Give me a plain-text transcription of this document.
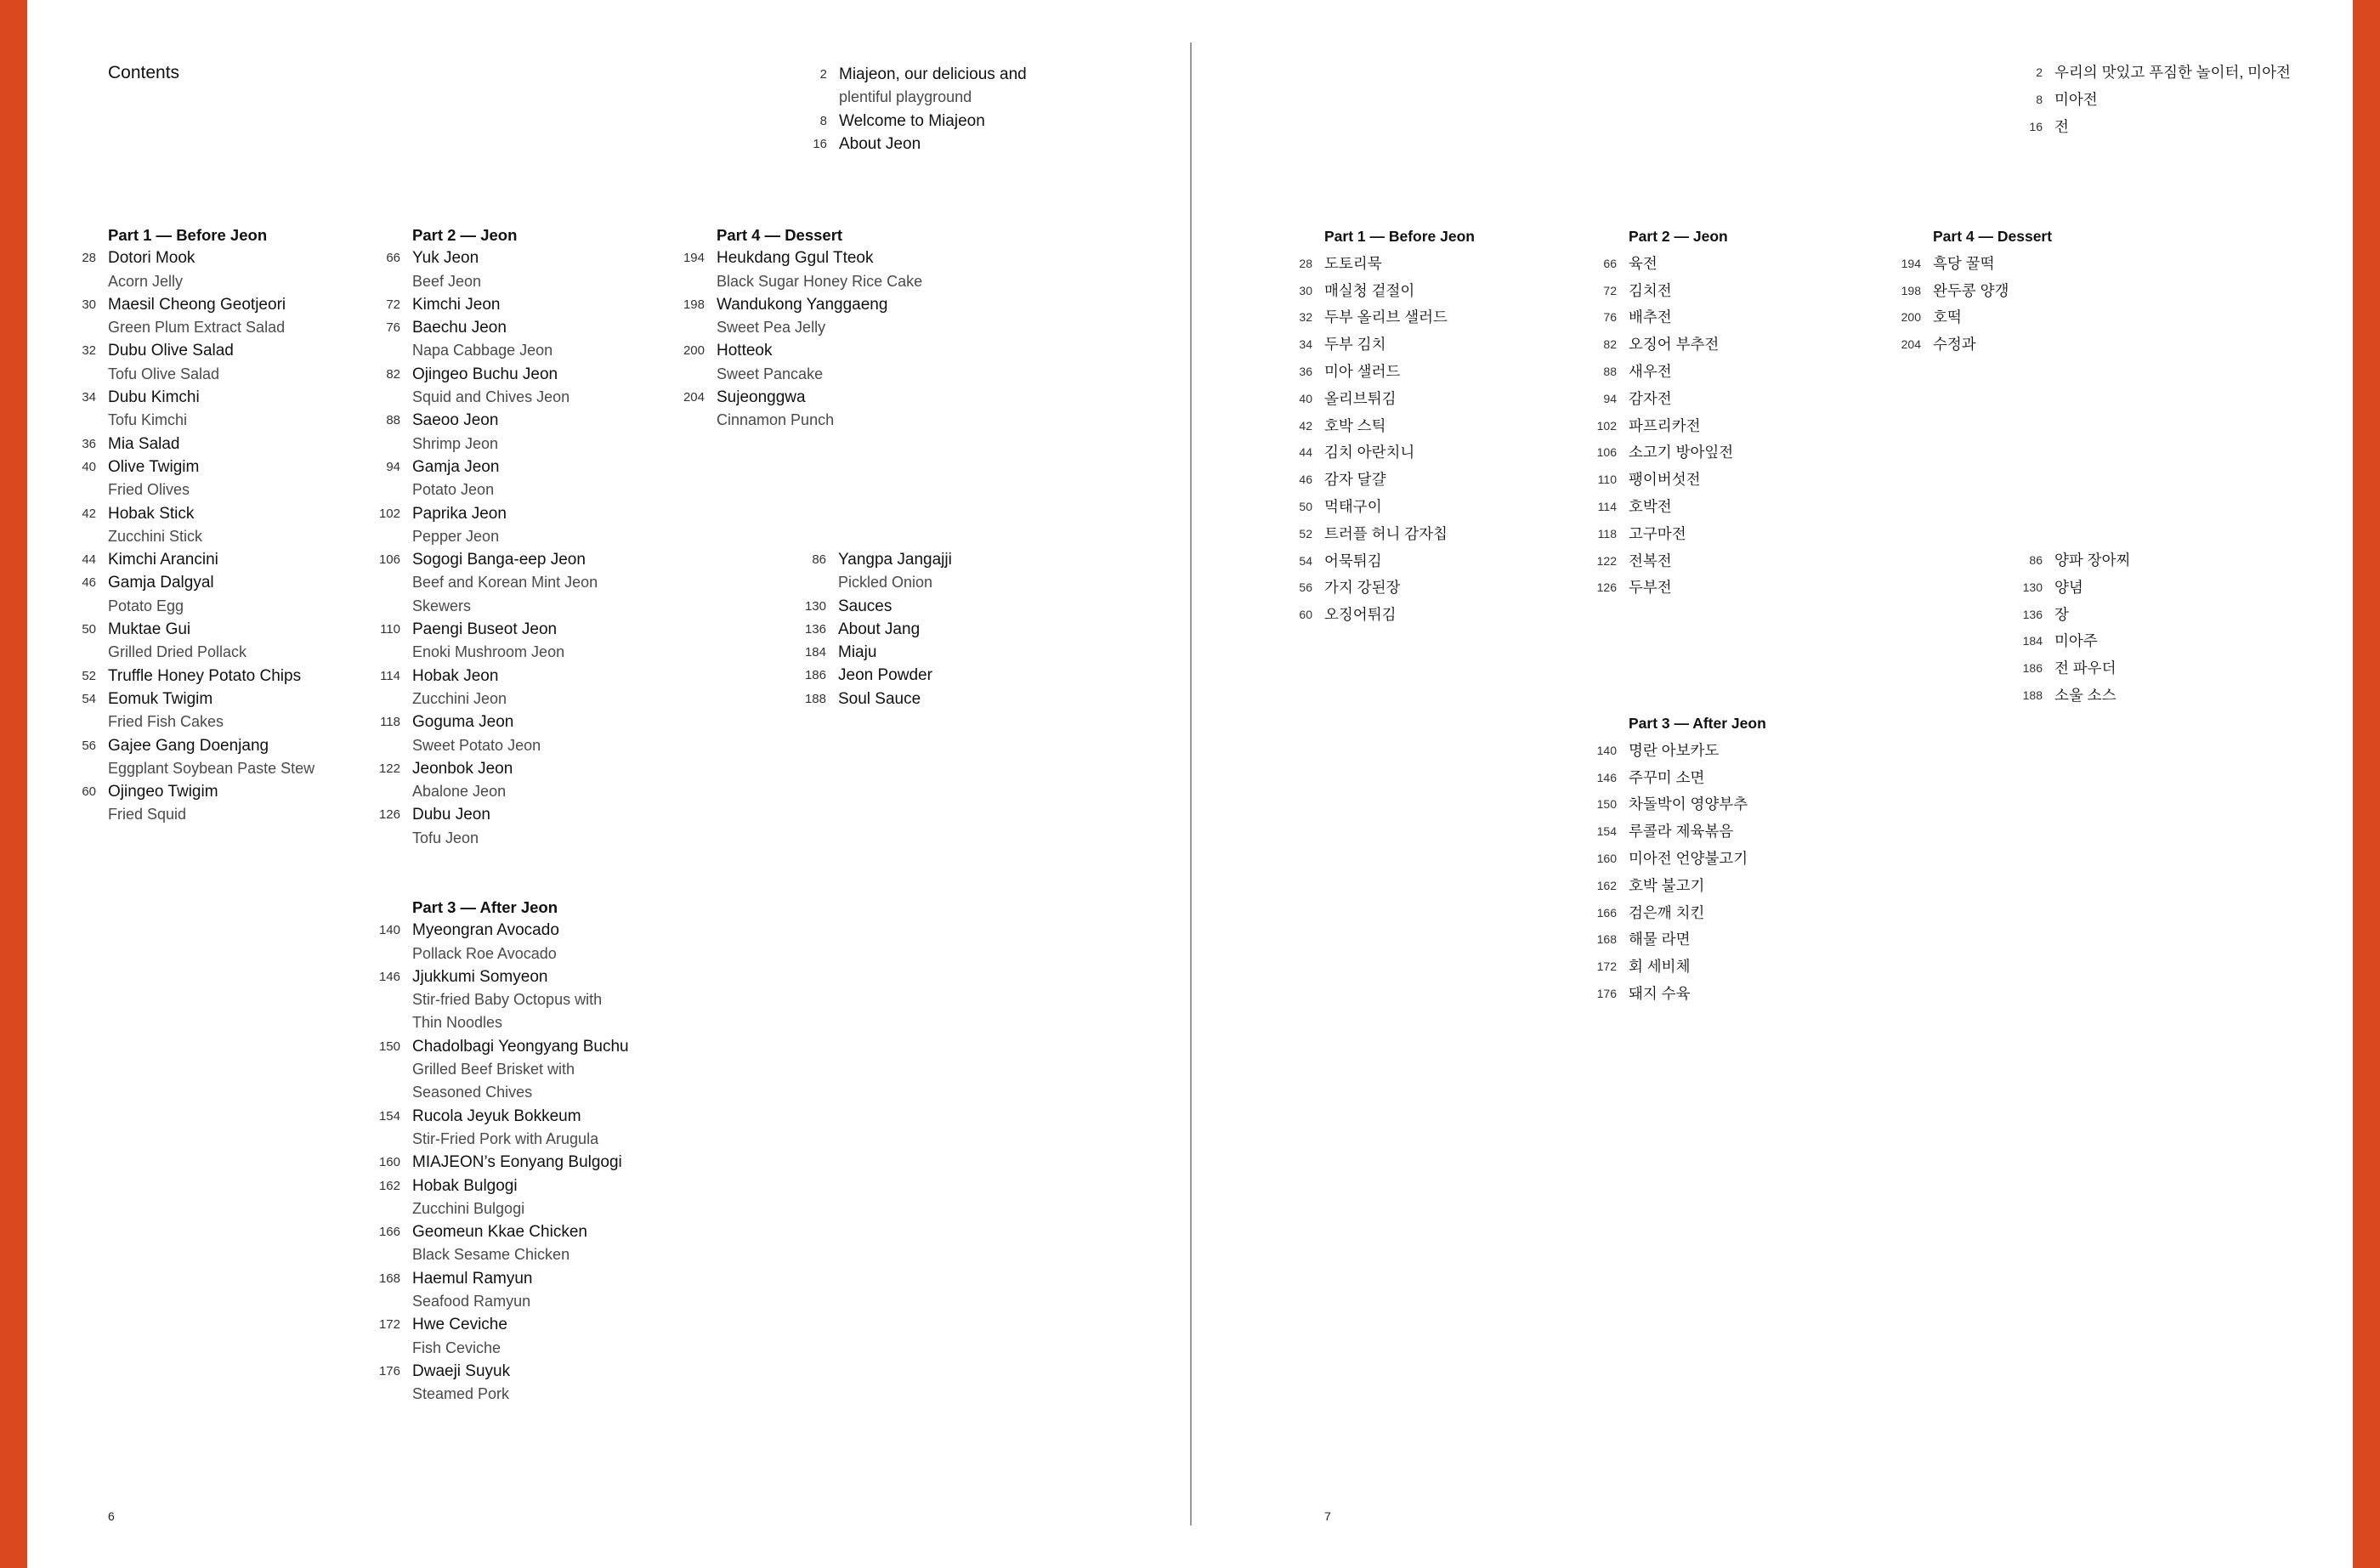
Contents	2 Miajeon, our delicious and
plentiful playground
8 Welcome to Miajeon
16 About Jeon
Part 1 — Before Jeon
28 Dotori Mook
Acorn Jelly
30 Maesil Cheong Geotjeori
Green Plum Extract Salad
32 Dubu Olive Salad
Tofu Olive Salad
34 Dubu Kimchi
Tofu Kimchi
36 Mia Salad
40 Olive Twigim
Fried Olives
42 Hobak Stick
Zucchini Stick
44 Kimchi Arancini
46 Gamja Dalgyal
Potato Egg
50 Muktae Gui
Grilled Dried Pollack
52 Truffle Honey Potato Chips
54 Eomuk Twigim
Fried Fish Cakes
56 Gajee Gang Doenjang
Eggplant Soybean Paste Stew
60 Ojingeo Twigim
Fried Squid
Part 2 — Jeon
66 Yuk Jeon
Beef Jeon
72 Kimchi Jeon
76 Baechu Jeon
Napa Cabbage Jeon
82 Ojingeo Buchu Jeon
Squid and Chives Jeon
88 Saeoo Jeon
Shrimp Jeon
94 Gamja Jeon
Potato Jeon
102 Paprika Jeon
Pepper Jeon
106 Sogogi Banga-eep Jeon
Beef and Korean Mint Jeon
Skewers
110 Paengi Buseot Jeon
Enoki Mushroom Jeon
114 Hobak Jeon
Zucchini Jeon
118 Goguma Jeon
Sweet Potato Jeon
122 Jeonbok Jeon
Abalone Jeon
126 Dubu Jeon
Tofu Jeon
Part 3 — After Jeon
140 Myeongran Avocado
Pollack Roe Avocado
146 Jjukkumi Somyeon
Stir-fried Baby Octopus with
Thin Noodles
150 Chadolbagi Yeongyang Buchu
Grilled Beef Brisket with
Seasoned Chives
154 Rucola Jeyuk Bokkeum
Stir-Fried Pork with Arugula
160 MIAJEON’s Eonyang Bulgogi
162 Hobak Bulgogi
Zucchini Bulgogi
166 Geomeun Kkae Chicken
Black Sesame Chicken
168 Haemul Ramyun
Seafood Ramyun
172 Hwe Ceviche
Fish Ceviche
176 Dwaeji Suyuk
Steamed Pork
Part 4 — Dessert
194 Heukdang Ggul Tteok
Black Sugar Honey Rice Cake
198 Wandukong Yanggaeng
Sweet Pea Jelly
200 Hotteok
Sweet Pancake
204 Sujeonggwa
Cinnamon Punch
86 Yangpa Jangajji
Pickled Onion
130 Sauces
136 About Jang
184 Miaju
186 Jeon Powder
188 Soul Sauce
6
2 우리의 맛있고 푸짐한 놀이터, 미아전
8 미아전
16 전
Part 1 — Before Jeon
28 도토리묵
30 매실청 겉절이
32 두부 올리브 샐러드
34 두부 김치
36 미아 샐러드
40 올리브튀김
42 호박 스틱
44 김치 아란치니
46 감자 달걀
50 먹태구이
52 트러플 허니 감자칩
54 어묵튀김
56 가지 강된장
60 오징어튀김
Part 2 — Jeon
66 육전
72 김치전
76 배추전
82 오징어 부추전
88 새우전
94 감자전
102 파프리카전
106 소고기 방아잎전
110 팽이버섯전
114 호박전
118 고구마전
122 전복전
126 두부전
Part 3 — After Jeon
140 명란 아보카도
146 주꾸미 소면
150 차돌박이 영양부추
154 루콜라 제육볶음
160 미아전 언양불고기
162 호박 불고기
166 검은깨 치킨
168 해물 라면
172 회 세비체
176 돼지 수육
Part 4 — Dessert
194 흑당 꿀떡
198 완두콩 양갱
200 호떡
204 수정과
86 양파 장아찌
130 양념
136 장
184 미아주
186 전 파우더
188 소울 소스
7
